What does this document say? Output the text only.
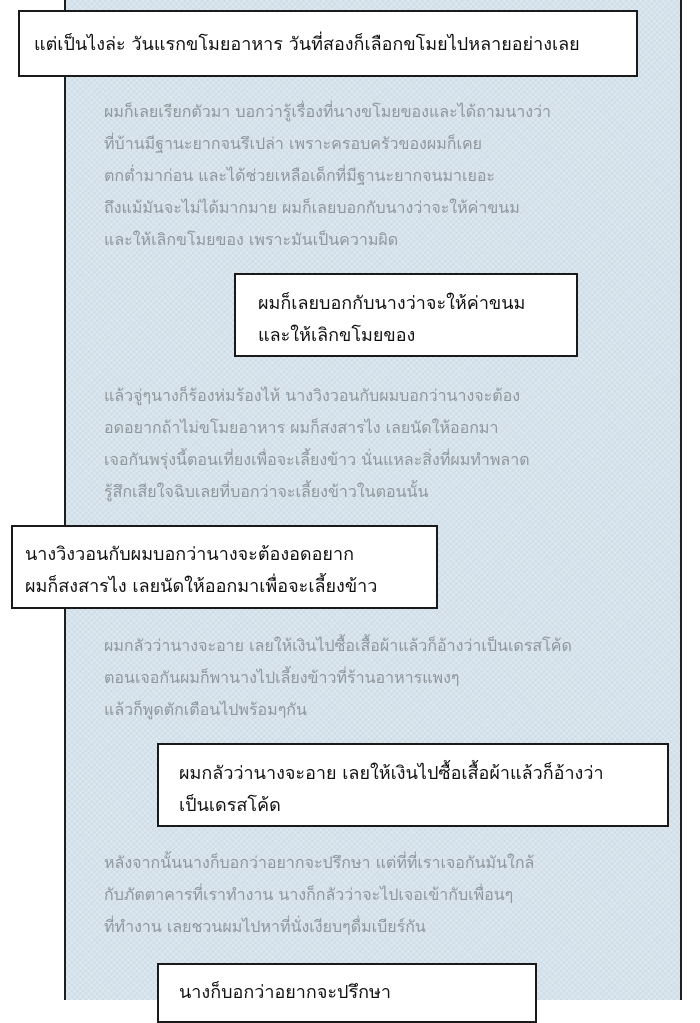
แต่เป็นไงล่ะ วันแรกขโมยอาหาร วันที่สองก็เลือกขโมยไปหลายอย่างเลย

ผมก็เลยเรียกตัวมา บอกว่ารู้เรื่องที่นางขโมยของและได้ถามนางว่า
ที่บ้านมีฐานะยากจนรึเปล่า เพราะครอบครัวของผมก็เคย
ตกต่ำมาก่อน และได้ช่วยเหลือเด็กที่มีฐานะยากจนมาเยอะ
ถึงแม้มันจะไม่ได้มากมาย ผมก็เลยบอกกับนางว่าจะให้ค่าขนม
และให้เลิกขโมยของ เพราะมันเป็นความผิด

ผมก็เลยบอกกับนางว่าจะให้ค่าขนม
และให้เลิกขโมยของ

แล้วจู่ๆนางก็ร้องห่มร้องไห้ นางวิงวอนกับผมบอกว่านางจะต้อง
อดอยากถ้าไม่ขโมยอาหาร ผมก็สงสารไง เลยนัดให้ออกมา
เจอกันพรุ่งนี้ตอนเที่ยงเพื่อจะเลี้ยงข้าว นั่นแหละสิ่งที่ผมทำพลาด
รู้สึกเสียใจฉิบเลยที่บอกว่าจะเลี้ยงข้าวในตอนนั้น

นางวิงวอนกับผมบอกว่านางจะต้องอดอยาก
ผมก็สงสารไง เลยนัดให้ออกมาเพื่อจะเลี้ยงข้าว

ผมกลัวว่านางจะอาย เลยให้เงินไปซื้อเสื้อผ้าแล้วก็อ้างว่าเป็นเดรสโค้ด
ตอนเจอกันผมก็พานางไปเลี้ยงข้าวที่ร้านอาหารแพงๆ
แล้วก็พูดตักเตือนไปพร้อมๆกัน

ผมกลัวว่านางจะอาย เลยให้เงินไปซื้อเสื้อผ้าแล้วก็อ้างว่า
เป็นเดรสโค้ด

หลังจากนั้นนางก็บอกว่าอยากจะปรึกษา แต่ที่ที่เราเจอกันมันใกล้
กับภัตตาคารที่เราทำงาน นางก็กลัวว่าจะไปเจอเข้ากับเพื่อนๆ
ที่ทำงาน เลยชวนผมไปหาที่นั่งเงียบๆดื่มเบียร์กัน

นางก็บอกว่าอยากจะปรึกษา
